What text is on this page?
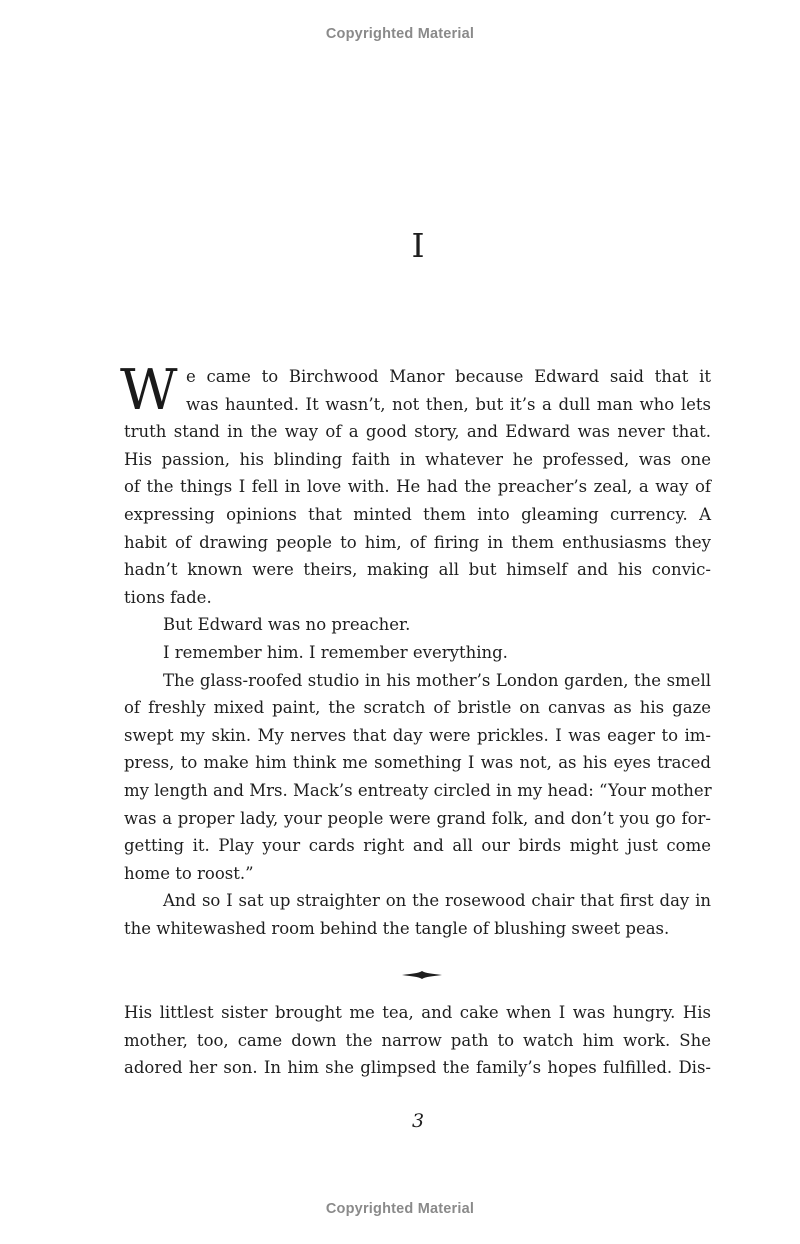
Copyrighted Material
I
W e came to Birchwood Manor because Edward said that it
was haunted. It wasn’t, not then, but it’s a dull man who lets
truth stand in the way of a good story, and Edward was never that.
His passion, his blinding faith in whatever he professed, was one
of the things I fell in love with. He had the preacher’s zeal, a way of
expressing opinions that minted them into gleaming currency. A
habit of drawing people to him, of firing in them enthusiasms they
hadn’t known were theirs, making all but himself and his convic-
tions fade.
But Edward was no preacher.
I remember him. I remember everything.
The glass-roofed studio in his mother’s London garden, the smell
of freshly mixed paint, the scratch of bristle on canvas as his gaze
swept my skin. My nerves that day were prickles. I was eager to im-
press, to make him think me something I was not, as his eyes traced
my length and Mrs. Mack’s entreaty circled in my head: “Your mother
was a proper lady, your people were grand folk, and don’t you go for-
getting it. Play your cards right and all our birds might just come
home to roost.”
And so I sat up straighter on the rosewood chair that first day in
the whitewashed room behind the tangle of blushing sweet peas.
His littlest sister brought me tea, and cake when I was hungry. His
mother, too, came down the narrow path to watch him work. She
adored her son. In him she glimpsed the family’s hopes fulfilled. Dis-
3
Copyrighted Material
